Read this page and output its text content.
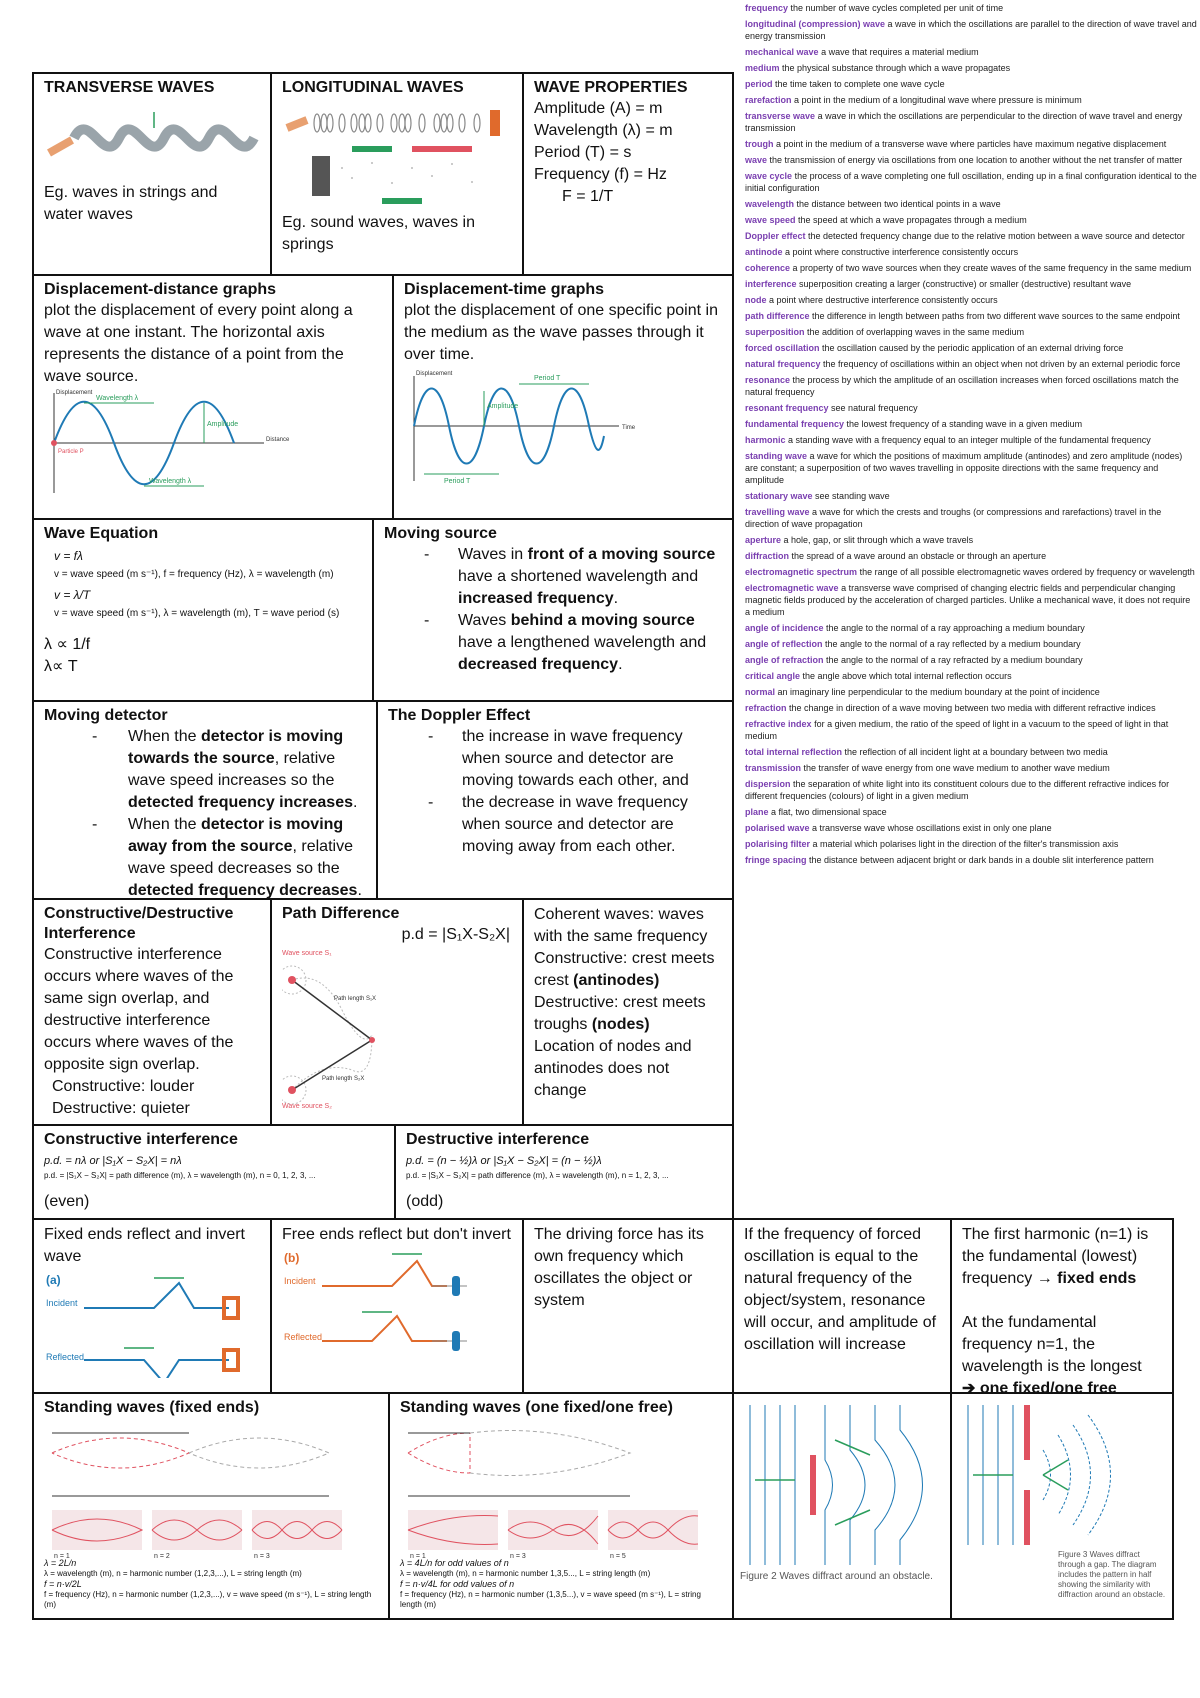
frequency the number of wave cycles completed per unit of time

longitudinal (compression) wave a wave in which the oscillations are parallel to the direction of wave travel and energy transmission

mechanical wave a wave that requires a material medium

medium the physical substance through which a wave propagates

period the time taken to complete one wave cycle

rarefaction a point in the medium of a longitudinal wave where pressure is minimum

transverse wave a wave in which the oscillations are perpendicular to the direction of wave travel and energy transmission

trough a point in the medium of a transverse wave where particles have maximum negative displacement

wave the transmission of energy via oscillations from one location to another without the net transfer of matter

wave cycle the process of a wave completing one full oscillation, ending up in a final configuration identical to the initial configuration

wavelength the distance between two identical points in a wave

wave speed the speed at which a wave propagates through a medium

Doppler effect the detected frequency change due to the relative motion between a wave source and detector

antinode a point where constructive interference consistently occurs

coherence a property of two wave sources when they create waves of the same frequency in the same medium

interference superposition creating a larger (constructive) or smaller (destructive) resultant wave

node a point where destructive interference consistently occurs

path difference the difference in length between paths from two different wave sources to the same endpoint

superposition the addition of overlapping waves in the same medium

forced oscillation the oscillation caused by the periodic application of an external driving force

natural frequency the frequency of oscillations within an object when not driven by an external periodic force

resonance the process by which the amplitude of an oscillation increases when forced oscillations match the natural frequency

resonant frequency see natural frequency

fundamental frequency the lowest frequency of a standing wave in a given medium

harmonic a standing wave with a frequency equal to an integer multiple of the fundamental frequency

standing wave a wave for which the positions of maximum amplitude (antinodes) and zero amplitude (nodes) are constant; a superposition of two waves travelling in opposite directions with the same frequency and amplitude

stationary wave see standing wave

travelling wave a wave for which the crests and troughs (or compressions and rarefactions) travel in the direction of wave propagation

aperture a hole, gap, or slit through which a wave travels

diffraction the spread of a wave around an obstacle or through an aperture

electromagnetic spectrum the range of all possible electromagnetic waves ordered by frequency or wavelength

electromagnetic wave a transverse wave comprised of changing electric fields and perpendicular changing magnetic fields produced by the acceleration of charged particles. Unlike a mechanical wave, it does not require a medium

angle of incidence the angle to the normal of a ray approaching a medium boundary

angle of reflection the angle to the normal of a ray reflected by a medium boundary

angle of refraction the angle to the normal of a ray refracted by a medium boundary

critical angle the angle above which total internal reflection occurs

normal an imaginary line perpendicular to the medium boundary at the point of incidence

refraction the change in direction of a wave moving between two media with different refractive indices

refractive index for a given medium, the ratio of the speed of light in a vacuum to the speed of light in that medium

total internal reflection the reflection of all incident light at a boundary between two media

transmission the transfer of wave energy from one wave medium to another wave medium

dispersion the separation of white light into its constituent colours due to the different refractive indices for different frequencies (colours) of light in a given medium

plane a flat, two dimensional space

polarised wave a transverse wave whose oscillations exist in only one plane

polarising filter a material which polarises light in the direction of the filter's transmission axis

fringe spacing the distance between adjacent bright or dark bands in a double slit interference pattern

TRANSVERSE WAVES
Eg. waves in strings and water waves
LONGITUDINAL WAVES
Eg. sound waves, waves in springs
WAVE PROPERTIES
Amplitude (A) = m
Wavelength (λ) = m
Period (T) = s
Frequency (f) = Hz
F = 1/T
Displacement-distance graphs
plot the displacement of every point along a wave at one instant. The horizontal axis represents the distance of a point from the wave source.
Displacement
Wavelength λ
Wavelength λ
Amplitude
Distance
Particle P
Displacement-time graphs
plot the displacement of one specific point in the medium as the wave passes through it over time.
Displacement
Period T
Period T
Amplitude
Time
Wave Equation
v = fλ
v = wave speed (m s⁻¹), f = frequency (Hz), λ = wavelength (m)
v = λ/T
v = wave speed (m s⁻¹), λ = wavelength (m), T = wave period (s)
λ ∝ 1/f
λ∝ T
Moving source
- Waves in front of a moving source have a shortened wavelength and increased frequency.
- Waves behind a moving source have a lengthened wavelength and decreased frequency.
Moving detector
- When the detector is moving towards the source, relative wave speed increases so the detected frequency increases.
- When the detector is moving away from the source, relative wave speed decreases so the detected frequency decreases.
The Doppler Effect
- the increase in wave frequency when source and detector are moving towards each other, and
- the decrease in wave frequency when source and detector are moving away from each other.
Constructive/Destructive
Interference
Constructive interference occurs where waves of the same sign overlap, and destructive interference occurs where waves of the opposite sign overlap.
Constructive: louder
Destructive: quieter
Path Difference
p.d = |S₁X-S₂X|
Wave source S₁
Wave source S₂
Path length S₁X
Path length S₂X
Coherent waves: waves with the same frequency
Constructive: crest meets crest (antinodes)
Destructive: crest meets troughs (nodes)
Location of nodes and antinodes does not change
Constructive interference
p.d. = nλ or |S₁X − S₂X| = nλ
p.d. = |S₁X − S₂X| = path difference (m), λ = wavelength (m), n = 0, 1, 2, 3, ...
(even)
Destructive interference
p.d. = (n − ½)λ or |S₁X − S₂X| = (n − ½)λ
p.d. = |S₁X − S₂X| = path difference (m), λ = wavelength (m), n = 1, 2, 3, ...
(odd)
Fixed ends reflect and invert wave
(a)
Incident
Reflected
Free ends reflect but don't invert
(b)
Incident
Reflected
The driving force has its own frequency which oscillates the object or system
If the frequency of forced oscillation is equal to the natural frequency of the object/system, resonance will occur, and amplitude of oscillation will increase
The first harmonic (n=1) is the fundamental (lowest) frequency → fixed ends
At the fundamental frequency n=1, the wavelength is the longest
➔ one fixed/one free
Standing waves (fixed ends)
n = 1	n = 2	n = 3
λ = 2L/n
λ = wavelength (m), n = harmonic number (1,2,3,...), L = string length (m)
f = n·v/2L
f = frequency (Hz), n = harmonic number (1,2,3,...), v = wave speed (m s⁻¹), L = string length (m)
Standing waves (one fixed/one free)
n = 1	n = 3	n = 5
λ = 4L/n for odd values of n
λ = wavelength (m), n = harmonic number 1,3,5..., L = string length (m)
f = n·v/4L for odd values of n
f = frequency (Hz), n = harmonic number (1,3,5...), v = wave speed (m s⁻¹), L = string length (m)
Figure 2 Waves diffract around an obstacle.
Figure 3 Waves diffract through a gap. The diagram includes the pattern in half showing the similarity with diffraction around an obstacle.
